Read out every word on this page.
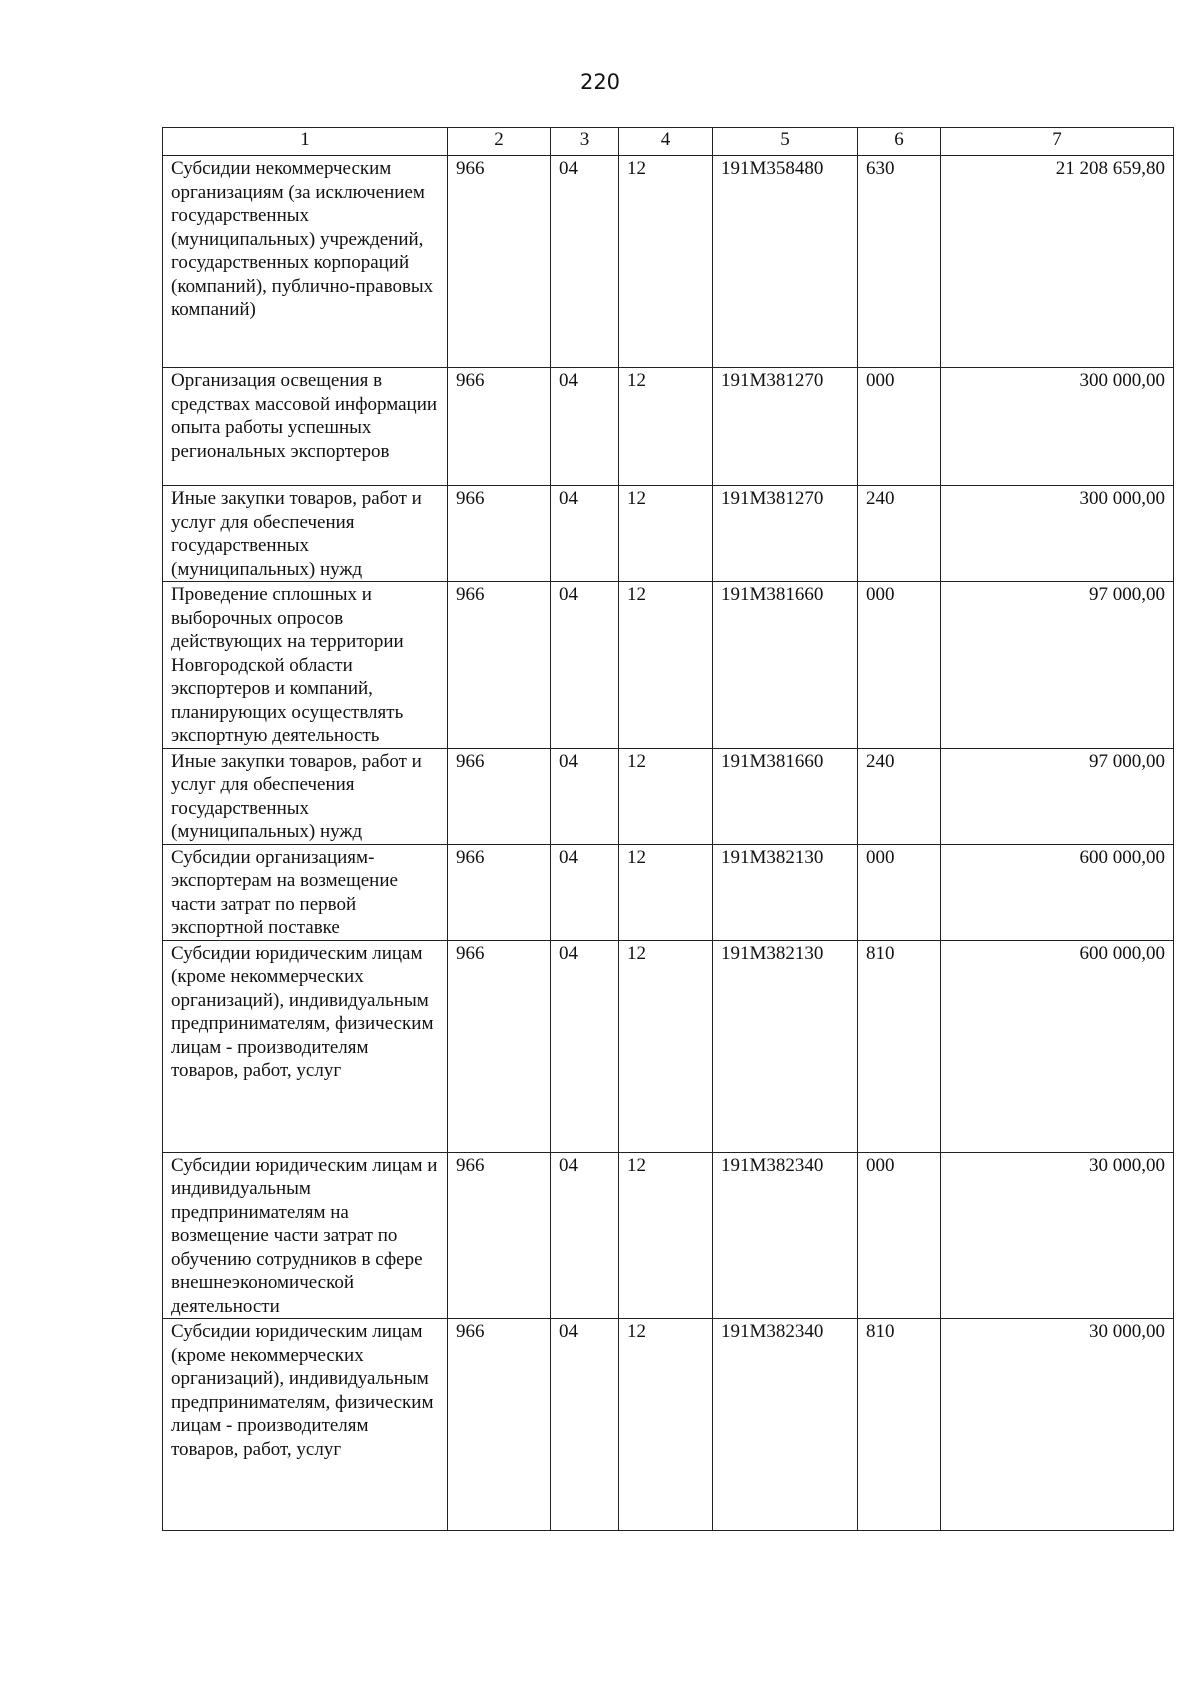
220
1	2	3	4	5	6	7
Субсидии некоммерческим организациям (за исключением государственных (муниципальных) учреждений, государственных корпораций (компаний), публично-правовых компаний)	966	04	12	191M358480	630	21 208 659,80
Организация освещения в средствах массовой информации опыта работы успешных региональных экспортеров	966	04	12	191M381270	000	300 000,00
Иные закупки товаров, работ и услуг для обеспечения государственных (муниципальных) нужд	966	04	12	191M381270	240	300 000,00
Проведение сплошных и выборочных опросов действующих на территории Новгородской области экспортеров и компаний, планирующих осуществлять экспортную деятельность	966	04	12	191M381660	000	97 000,00
Иные закупки товаров, работ и услуг для обеспечения государственных (муниципальных) нужд	966	04	12	191M381660	240	97 000,00
Субсидии организациям-экспортерам на возмещение части затрат по первой экспортной поставке	966	04	12	191M382130	000	600 000,00
Субсидии юридическим лицам (кроме некоммерческих организаций), индивидуальным предпринимателям, физическим лицам - производителям товаров, работ, услуг	966	04	12	191M382130	810	600 000,00
Субсидии юридическим лицам и индивидуальным предпринимателям на возмещение части затрат по обучению сотрудников в сфере внешнеэкономической деятельности	966	04	12	191M382340	000	30 000,00
Субсидии юридическим лицам (кроме некоммерческих организаций), индивидуальным предпринимателям, физическим лицам - производителям товаров, работ, услуг	966	04	12	191M382340	810	30 000,00
